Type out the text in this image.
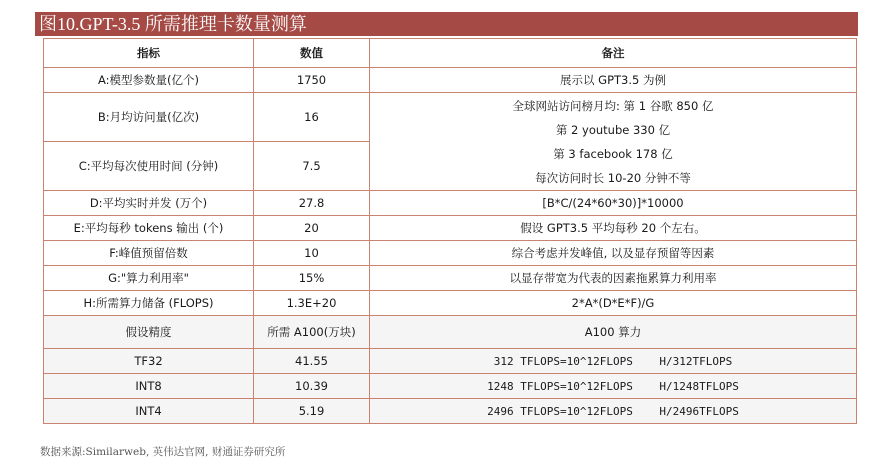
图10.GPT-3.5 所需推理卡数量测算
指标	数值	备注
A:模型参数量(亿个)	1750	展示以 GPT3.5 为例
B:月均访问量(亿次)	16	全球网站访问榜月均: 第 1 谷歌 850 亿
第 2 youtube 330 亿
第 3 facebook 178 亿
每次访问时长 10-20 分钟不等

C:平均每次使用时间 (分钟)	7.5	
D:平均实时并发 (万个)	27.8	[B*C/(24*60*30)]*10000
E:平均每秒 tokens 输出 (个)	20	假设 GPT3.5 平均每秒 20 个左右。
F:峰值预留倍数	10	综合考虑并发峰值, 以及显存预留等因素
G:"算力利用率"	15%	以显存带宽为代表的因素拖累算力利用率
H:所需算力储备 (FLOPS)	1.3E+20	2*A*(D*E*F)/G
假设精度	所需 A100(万块)	A100 算力
TF32	41.55	312 TFLOPS=10^12FLOPS    H/312TFLOPS
INT8	10.39	1248 TFLOPS=10^12FLOPS    H/1248TFLOPS
INT4	5.19	2496 TFLOPS=10^12FLOPS    H/2496TFLOPS
数据来源:Similarweb, 英伟达官网, 财通证券研究所
